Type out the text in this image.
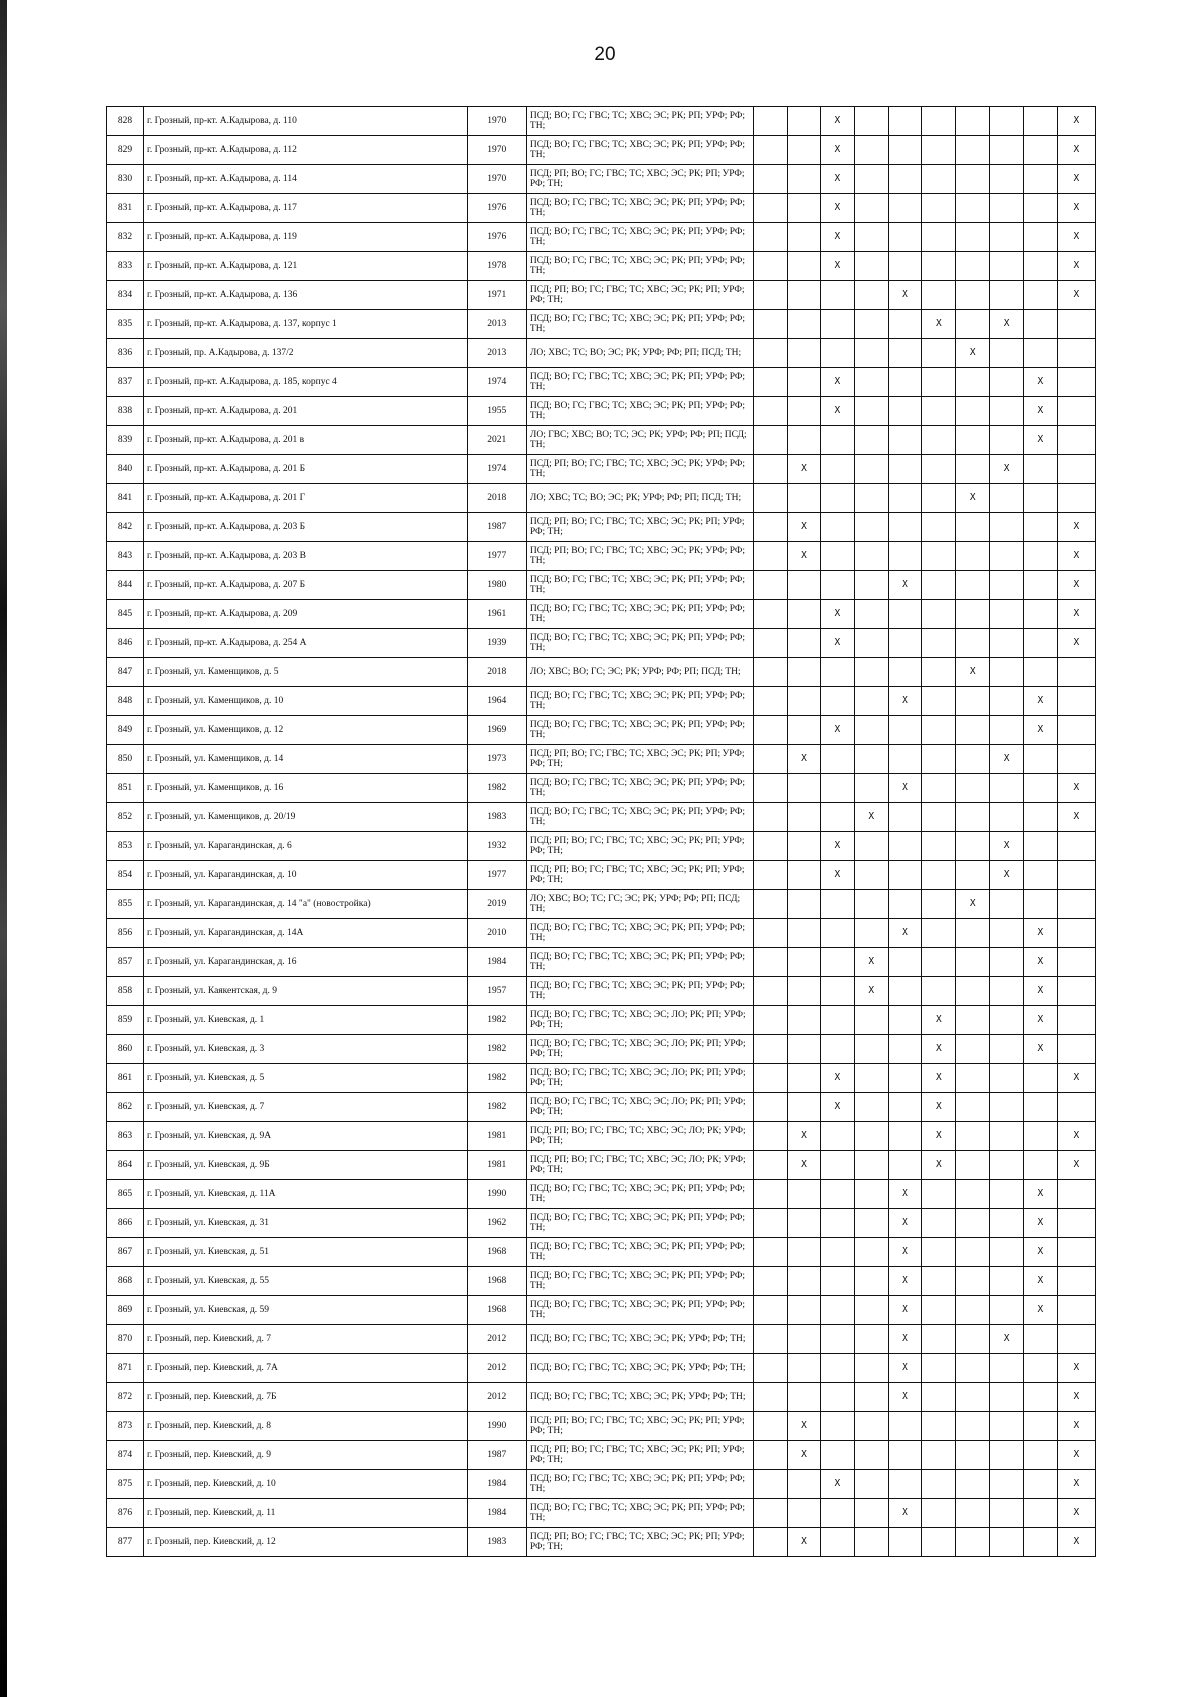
20
828	г. Грозный, пр-кт. А.Кадырова, д. 110	1970	ПСД; ВО; ГС; ГВС; ТС; ХВС; ЭС; РК; РП; УРФ; РФ; ТН;			X							X
829	г. Грозный, пр-кт. А.Кадырова, д. 112	1970	ПСД; ВО; ГС; ГВС; ТС; ХВС; ЭС; РК; РП; УРФ; РФ; ТН;			X							X
830	г. Грозный, пр-кт. А.Кадырова, д. 114	1970	ПСД; РП; ВО; ГС; ГВС; ТС; ХВС; ЭС; РК; РП; УРФ; РФ; ТН;			X							X
831	г. Грозный, пр-кт. А.Кадырова, д. 117	1976	ПСД; ВО; ГС; ГВС; ТС; ХВС; ЭС; РК; РП; УРФ; РФ; ТН;			X							X
832	г. Грозный, пр-кт. А.Кадырова, д. 119	1976	ПСД; ВО; ГС; ГВС; ТС; ХВС; ЭС; РК; РП; УРФ; РФ; ТН;			X							X
833	г. Грозный, пр-кт. А.Кадырова, д. 121	1978	ПСД; ВО; ГС; ГВС; ТС; ХВС; ЭС; РК; РП; УРФ; РФ; ТН;			X							X
834	г. Грозный, пр-кт. А.Кадырова, д. 136	1971	ПСД; РП; ВО; ГС; ГВС; ТС; ХВС; ЭС; РК; РП; УРФ; РФ; ТН;					X					X
835	г. Грозный, пр-кт. А.Кадырова, д. 137, корпус 1	2013	ПСД; ВО; ГС; ГВС; ТС; ХВС; ЭС; РК; РП; УРФ; РФ; ТН;						X		X		
836	г. Грозный, пр. А.Кадырова, д. 137/2	2013	ЛО; ХВС; ТС; ВО; ЭС; РК; УРФ; РФ; РП; ПСД; ТН;							X			
837	г. Грозный, пр-кт. А.Кадырова, д. 185, корпус 4	1974	ПСД; ВО; ГС; ГВС; ТС; ХВС; ЭС; РК; РП; УРФ; РФ; ТН;			X						X	
838	г. Грозный, пр-кт. А.Кадырова, д. 201	1955	ПСД; ВО; ГС; ГВС; ТС; ХВС; ЭС; РК; РП; УРФ; РФ; ТН;			X						X	
839	г. Грозный, пр-кт. А.Кадырова, д. 201 в	2021	ЛО; ГВС; ХВС; ВО; ТС; ЭС; РК; УРФ; РФ; РП; ПСД; ТН;									X	
840	г. Грозный, пр-кт. А.Кадырова, д. 201 Б	1974	ПСД; РП; ВО; ГС; ГВС; ТС; ХВС; ЭС; РК; УРФ; РФ; ТН;		X						X		
841	г. Грозный, пр-кт. А.Кадырова, д. 201 Г	2018	ЛО; ХВС; ТС; ВО; ЭС; РК; УРФ; РФ; РП; ПСД; ТН;							X			
842	г. Грозный, пр-кт. А.Кадырова, д. 203 Б	1987	ПСД; РП; ВО; ГС; ГВС; ТС; ХВС; ЭС; РК; РП; УРФ; РФ; ТН;		X								X
843	г. Грозный, пр-кт. А.Кадырова, д. 203 В	1977	ПСД; РП; ВО; ГС; ГВС; ТС; ХВС; ЭС; РК; УРФ; РФ; ТН;		X								X
844	г. Грозный, пр-кт. А.Кадырова, д. 207 Б	1980	ПСД; ВО; ГС; ГВС; ТС; ХВС; ЭС; РК; РП; УРФ; РФ; ТН;					X					X
845	г. Грозный, пр-кт. А.Кадырова, д. 209	1961	ПСД; ВО; ГС; ГВС; ТС; ХВС; ЭС; РК; РП; УРФ; РФ; ТН;			X							X
846	г. Грозный, пр-кт. А.Кадырова, д. 254 А	1939	ПСД; ВО; ГС; ГВС; ТС; ХВС; ЭС; РК; РП; УРФ; РФ; ТН;			X							X
847	г. Грозный, ул. Каменщиков, д. 5	2018	ЛО; ХВС; ВО; ГС; ЭС; РК; УРФ; РФ; РП; ПСД; ТН;							X			
848	г. Грозный, ул. Каменщиков, д. 10	1964	ПСД; ВО; ГС; ГВС; ТС; ХВС; ЭС; РК; РП; УРФ; РФ; ТН;					X				X	
849	г. Грозный, ул. Каменщиков, д. 12	1969	ПСД; ВО; ГС; ГВС; ТС; ХВС; ЭС; РК; РП; УРФ; РФ; ТН;			X						X	
850	г. Грозный, ул. Каменщиков, д. 14	1973	ПСД; РП; ВО; ГС; ГВС; ТС; ХВС; ЭС; РК; РП; УРФ; РФ; ТН;		X						X		
851	г. Грозный, ул. Каменщиков, д. 16	1982	ПСД; ВО; ГС; ГВС; ТС; ХВС; ЭС; РК; РП; УРФ; РФ; ТН;					X					X
852	г. Грозный, ул. Каменщиков, д. 20/19	1983	ПСД; ВО; ГС; ГВС; ТС; ХВС; ЭС; РК; РП; УРФ; РФ; ТН;				X						X
853	г. Грозный, ул. Карагандинская, д. 6	1932	ПСД; РП; ВО; ГС; ГВС; ТС; ХВС; ЭС; РК; РП; УРФ; РФ; ТН;			X					X		
854	г. Грозный, ул. Карагандинская, д. 10	1977	ПСД; РП; ВО; ГС; ГВС; ТС; ХВС; ЭС; РК; РП; УРФ; РФ; ТН;			X					X		
855	г. Грозный, ул. Карагандинская, д. 14 "а" (новостройка)	2019	ЛО; ХВС; ВО; ТС; ГС; ЭС; РК; УРФ; РФ; РП; ПСД; ТН;							X			
856	г. Грозный, ул. Карагандинская, д. 14А	2010	ПСД; ВО; ГС; ГВС; ТС; ХВС; ЭС; РК; РП; УРФ; РФ; ТН;					X				X	
857	г. Грозный, ул. Карагандинская, д. 16	1984	ПСД; ВО; ГС; ГВС; ТС; ХВС; ЭС; РК; РП; УРФ; РФ; ТН;				X					X	
858	г. Грозный, ул. Каякентская, д. 9	1957	ПСД; ВО; ГС; ГВС; ТС; ХВС; ЭС; РК; РП; УРФ; РФ; ТН;				X					X	
859	г. Грозный, ул. Киевская, д. 1	1982	ПСД; ВО; ГС; ГВС; ТС; ХВС; ЭС; ЛО; РК; РП; УРФ; РФ; ТН;						X			X	
860	г. Грозный, ул. Киевская, д. 3	1982	ПСД; ВО; ГС; ГВС; ТС; ХВС; ЭС; ЛО; РК; РП; УРФ; РФ; ТН;						X			X	
861	г. Грозный, ул. Киевская, д. 5	1982	ПСД; ВО; ГС; ГВС; ТС; ХВС; ЭС; ЛО; РК; РП; УРФ; РФ; ТН;			X			X				X
862	г. Грозный, ул. Киевская, д. 7	1982	ПСД; ВО; ГС; ГВС; ТС; ХВС; ЭС; ЛО; РК; РП; УРФ; РФ; ТН;			X			X				
863	г. Грозный, ул. Киевская, д. 9А	1981	ПСД; РП; ВО; ГС; ГВС; ТС; ХВС; ЭС; ЛО; РК; УРФ; РФ; ТН;		X				X				X
864	г. Грозный, ул. Киевская, д. 9Б	1981	ПСД; РП; ВО; ГС; ГВС; ТС; ХВС; ЭС; ЛО; РК; УРФ; РФ; ТН;		X				X				X
865	г. Грозный, ул. Киевская, д. 11А	1990	ПСД; ВО; ГС; ГВС; ТС; ХВС; ЭС; РК; РП; УРФ; РФ; ТН;					X				X	
866	г. Грозный, ул. Киевская, д. 31	1962	ПСД; ВО; ГС; ГВС; ТС; ХВС; ЭС; РК; РП; УРФ; РФ; ТН;					X				X	
867	г. Грозный, ул. Киевская, д. 51	1968	ПСД; ВО; ГС; ГВС; ТС; ХВС; ЭС; РК; РП; УРФ; РФ; ТН;					X				X	
868	г. Грозный, ул. Киевская, д. 55	1968	ПСД; ВО; ГС; ГВС; ТС; ХВС; ЭС; РК; РП; УРФ; РФ; ТН;					X				X	
869	г. Грозный, ул. Киевская, д. 59	1968	ПСД; ВО; ГС; ГВС; ТС; ХВС; ЭС; РК; РП; УРФ; РФ; ТН;					X				X	
870	г. Грозный, пер. Киевский, д. 7	2012	ПСД; ВО; ГС; ГВС; ТС; ХВС; ЭС; РК; УРФ; РФ; ТН;					X			X		
871	г. Грозный, пер. Киевский, д. 7А	2012	ПСД; ВО; ГС; ГВС; ТС; ХВС; ЭС; РК; УРФ; РФ; ТН;					X					X
872	г. Грозный, пер. Киевский, д. 7Б	2012	ПСД; ВО; ГС; ГВС; ТС; ХВС; ЭС; РК; УРФ; РФ; ТН;					X					X
873	г. Грозный, пер. Киевский, д. 8	1990	ПСД; РП; ВО; ГС; ГВС; ТС; ХВС; ЭС; РК; РП; УРФ; РФ; ТН;		X								X
874	г. Грозный, пер. Киевский, д. 9	1987	ПСД; РП; ВО; ГС; ГВС; ТС; ХВС; ЭС; РК; РП; УРФ; РФ; ТН;		X								X
875	г. Грозный, пер. Киевский, д. 10	1984	ПСД; ВО; ГС; ГВС; ТС; ХВС; ЭС; РК; РП; УРФ; РФ; ТН;			X							X
876	г. Грозный, пер. Киевский, д. 11	1984	ПСД; ВО; ГС; ГВС; ТС; ХВС; ЭС; РК; РП; УРФ; РФ; ТН;					X					X
877	г. Грозный, пер. Киевский, д. 12	1983	ПСД; РП; ВО; ГС; ГВС; ТС; ХВС; ЭС; РК; РП; УРФ; РФ; ТН;		X								X
